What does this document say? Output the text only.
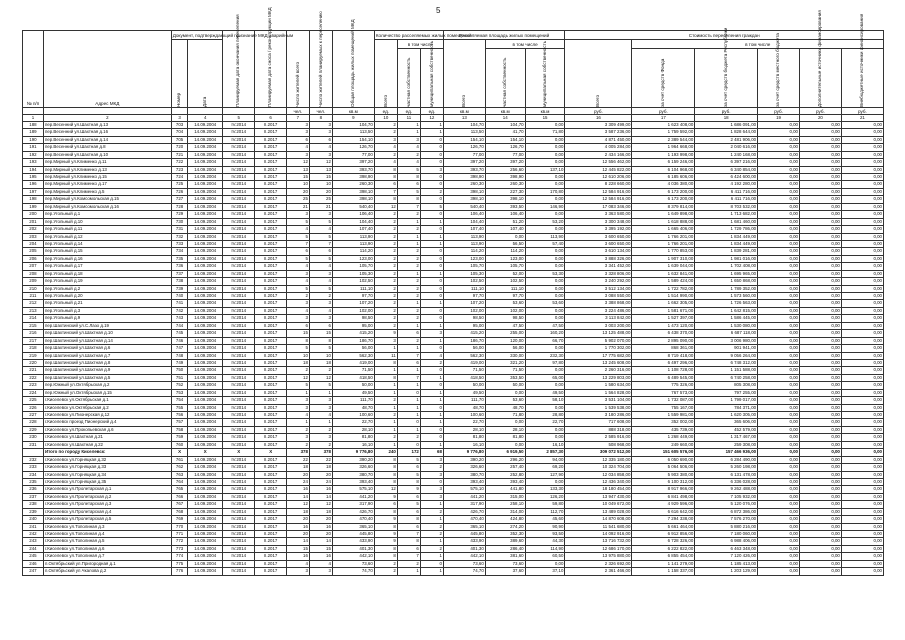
5
№ п/п	Адрес МКД	Документ, подтверждающий признание МКД аварийным		Планируемая дата окончания переселения	Планируемая дата сноса / реконструкции МКД	Число жителей всего	Число жителей планируемых к переселению	Общая площадь жилых помещений МКД	Количество расселяемых жилых помещений			Расселяемая площадь жилых помещений			Стоимость переселения граждан					

		Номер	Дата						Всего	в том числе		Всего	в том числе		Всего	в том числе				

										частная собственность	муниципальная собственность		частная собственность	муниципальная собственность		за счет средств Фонда	за счет средств бюджета Республики	за счет средств местного бюджета	Дополнительные источники финансирования	Внебюджетные источники финансирования

						чел.	чел.	кв.м	ед.	ед.	ед.	кв.м	кв.м	кв.м	руб.	руб.	руб.	руб.	руб.	руб.
1	2	3	4	5	6	7	8	9	10	11	12	13	14	15	16	17	18	19	20	21
188	пер.Весенний ул.Шахтная д.13	703	14.09.2004	IV.2014	II.2017	3	3	104,70	2	1	1	104,70	104,70	0,00	3 309 499,00	1 623 408,00	1 686 091,00	0,00	0,00	0,00
189	пер.Весенний ул.Шахтная д.16	704	14.09.2004	IV.2014	II.2017	3	3	113,50	2	1	1	113,50	41,70	71,80	3 587 236,00	1 759 592,00	1 828 644,00	0,00	0,00	0,00
190	пер.Весенний ул.Шахтная д.14	705	14.09.2004	IV.2014	II.2017	6	6	154,10	3	3	0	154,10	154,10	0,00	4 871 450,00	2 389 544,00	2 481 906,00	0,00	0,00	0,00
191	пер.Весенний ул.Шахтная д.8	720	14.09.2004	IV.2014	II.2017	4	4	126,70	4	4	0	126,70	126,70	0,00	4 005 284,00	1 964 668,00	2 040 616,00	0,00	0,00	0,00
192	пер.Весенний ул.Шахтная д.10	721	14.09.2004	IV.2014	II.2017	3	3	77,00	2	2	0	77,00	77,00	0,00	2 434 166,00	1 193 998,00	1 240 168,00	0,00	0,00	0,00
193	пер.Мирный ул.Клименко д.11	722	14.09.2004	IV.2014	II.2017	12	12	397,20	4	4	0	397,20	397,20	0,00	12 556 462,00	6 159 246,00	6 397 216,00	0,00	0,00	0,00
194	пер.Мирный ул.Клименко д.13	723	14.09.2004	IV.2014	II.2017	13	13	393,70	8	5	3	393,70	256,60	137,10	12 445 822,00	6 104 968,00	6 340 854,00	0,00	0,00	0,00
195	пер.Мирный ул.Клименко д.15	724	14.09.2004	IV.2014	II.2017	15	15	398,90	8	8	0	398,90	398,90	0,00	12 610 206,00	6 185 606,00	6 424 600,00	0,00	0,00	0,00
196	пер.Мирный ул.Клименко д.17	725	14.09.2004	IV.2014	II.2017	10	10	260,30	6	6	0	260,30	260,30	0,00	8 228 660,00	4 036 380,00	4 192 280,00	0,00	0,00	0,00
197	пер.Мирный ул.Клименко д.5	726	14.09.2004	IV.2014	II.2017	20	20	398,10	7	5	2	398,10	227,30	170,80	12 584 916,00	6 173 200,00	6 411 716,00	0,00	0,00	0,00
198	пер.Мирный ул.Комсомольская д.15	727	14.09.2004	IV.2014	II.2017	25	25	398,10	8	8	0	398,10	398,10	0,00	12 584 916,00	6 173 200,00	6 411 716,00	0,00	0,00	0,00
199	пер.Мирный ул.Комсомольская д.16	728	14.09.2004	IV.2014	II.2017	21	21	540,40	12	7	5	540,40	393,50	146,90	17 083 346,00	8 379 814,00	8 703 532,00	0,00	0,00	0,00
200	пер.Угольный д.1	729	14.09.2004	IV.2014	II.2017	3	3	106,40	2	2	0	106,40	106,40	0,00	3 363 580,00	1 649 898,00	1 713 682,00	0,00	0,00	0,00
201	пер.Угольный д.10	730	14.09.2004	IV.2014	II.2017	5	5	104,40	2	1	1	104,40	51,20	53,20	3 300 348,00	1 618 888,00	1 681 460,00	0,00	0,00	0,00
202	пер.Угольный д.11	731	14.09.2004	IV.2014	II.2017	4	4	107,40	2	2	0	107,40	107,40	0,00	3 395 192,00	1 665 406,00	1 729 786,00	0,00	0,00	0,00
203	пер.Угольный д.12	732	14.09.2004	IV.2014	II.2017	5	5	113,90	2	1	1	113,90	0,00	113,90	3 600 650,00	1 766 201,00	1 834 449,00	0,00	0,00	0,00
204	пер.Угольный д.14	733	14.09.2004	IV.2014	II.2017	7	7	113,90	2	1	1	113,90	56,50	57,40	3 600 650,00	1 766 201,00	1 834 449,00	0,00	0,00	0,00
205	пер.Угольный д.15	734	14.09.2004	IV.2014	II.2017	6	6	114,20	2	2	0	114,20	114,20	0,00	3 610 134,00	1 770 853,00	1 839 281,00	0,00	0,00	0,00
206	пер.Угольный д.16	735	14.09.2004	IV.2014	II.2017	5	5	123,00	2	2	0	123,00	123,00	0,00	3 888 326,00	1 907 310,00	1 981 016,00	0,00	0,00	0,00
207	пер.Угольный д.17	736	14.09.2004	IV.2014	II.2017	4	4	105,70	2	2	0	105,70	105,70	0,00	3 341 452,00	1 639 044,00	1 702 408,00	0,00	0,00	0,00
208	пер.Угольный д.18	737	14.09.2004	IV.2014	II.2017	3	3	105,30	2	1	1	105,30	52,00	53,30	3 328 806,00	1 632 841,00	1 695 965,00	0,00	0,00	0,00
209	пер.Угольный д.19	738	14.09.2004	IV.2014	II.2017	4	4	102,50	2	2	0	102,50	102,50	0,00	3 240 292,00	1 589 424,00	1 650 868,00	0,00	0,00	0,00
210	пер.Угольный д.2	739	14.09.2004	IV.2014	II.2017	5	5	111,10	2	2	0	111,10	111,10	0,00	3 512 134,00	1 722 782,00	1 789 352,00	0,00	0,00	0,00
211	пер.Угольный д.20	740	14.09.2004	IV.2014	II.2017	2	2	97,70	2	2	0	97,70	97,70	0,00	3 088 550,00	1 514 990,00	1 573 560,00	0,00	0,00	0,00
212	пер.Угольный д.21	741	14.09.2004	IV.2014	II.2017	3	3	107,20	2	1	1	107,20	53,60	53,60	3 388 868,00	1 662 305,00	1 726 563,00	0,00	0,00	0,00
213	пер.Угольный д.3	742	14.09.2004	IV.2014	II.2017	4	4	102,00	2	2	0	102,00	102,00	0,00	3 224 486,00	1 581 671,00	1 642 815,00	0,00	0,00	0,00
214	пер.Угольный д.9	743	14.09.2004	IV.2014	II.2017	3	3	98,50	2	2	0	98,50	98,50	0,00	3 113 842,00	1 527 397,00	1 586 445,00	0,00	0,00	0,00
215	пер.Шахтинский ул.С.Лазо д.19	744	14.09.2004	IV.2014	II.2017	6	6	95,00	2	1	1	95,00	47,50	47,50	3 003 200,00	1 473 120,00	1 530 080,00	0,00	0,00	0,00
216	пер.Шахтинский ул.Шахтная д.10	745	14.09.2004	IV.2014	II.2017	15	15	415,20	9	6	3	415,20	255,00	160,20	13 125 488,00	6 438 370,00	6 687 118,00	0,00	0,00	0,00
217	пер.Шахтинский ул.Шахтная д.14	746	14.09.2004	IV.2014	II.2017	8	8	186,70	3	2	1	186,70	120,00	66,70	5 902 070,00	2 895 090,00	3 006 980,00	0,00	0,00	0,00
218	пер.Шахтинский ул.Шахтная д.6	747	14.09.2004	IV.2014	II.2017	5	5	56,00	1	1	0	56,00	56,00	0,00	1 770 302,00	868 361,00	901 941,00	0,00	0,00	0,00
219	пер.Шахтинский ул.Шахтная д.7	748	14.09.2004	IV.2014	II.2017	10	10	562,30	11	7	4	562,30	330,00	232,30	17 775 682,00	8 719 418,00	9 056 264,00	0,00	0,00	0,00
220	пер.Шахтинский ул.Шахтная д.8	749	14.09.2004	IV.2014	II.2017	18	18	419,00	8	6	2	419,00	321,20	97,80	13 245 608,00	6 497 296,00	6 748 312,00	0,00	0,00	0,00
221	пер.Шахтинский ул.Шахтная д.9	750	14.09.2004	IV.2014	II.2017	2	2	71,50	1	1	0	71,50	71,50	0,00	2 260 316,00	1 108 728,00	1 151 588,00	0,00	0,00	0,00
222	пер.Шахтинский ул.Шахтная д.5	751	14.09.2004	IV.2014	II.2017	12	12	418,50	8	7	1	418,50	353,50	65,00	13 229 803,00	6 489 545,00	6 740 258,00	0,00	0,00	0,00
223	пер.Южный ул.Октябрьская д.2	752	14.09.2004	IV.2014	II.2017	5	5	50,00	1	1	0	50,00	50,00	0,00	1 580 634,00	775 326,00	805 308,00	0,00	0,00	0,00
224	пер.Южный ул.Октябрьская д.15	753	14.09.2004	IV.2014	II.2017	1	1	49,50	1	0	1	49,50	0,00	49,50	1 564 828,00	767 573,00	797 255,00	0,00	0,00	0,00
225	г.Киселевск ул.Октябрьская д.1	754	14.09.2004	IV.2014	II.2017	3	3	111,70	2	1	1	111,70	53,60	58,10	3 531 104,00	1 732 087,00	1 799 017,00	0,00	0,00	0,00
226	г.Киселевск ул.Октябрьская д.2	755	14.09.2004	IV.2014	II.2017	3	3	48,70	1	1	0	48,70	48,70	0,00	1 539 538,00	755 167,00	784 371,00	0,00	0,00	0,00
227	г.Киселевск ул.Пионерская д.12	756	14.09.2004	IV.2014	II.2017	4	4	100,60	2	1	1	100,60	71,80	28,80	3 180 286,00	1 559 981,00	1 620 305,00	0,00	0,00	0,00
228	г.Киселевск проезд Пионерский д.4	757	14.09.2004	IV.2014	II.2017	1	1	22,70	1	0	1	22,70	0,00	22,70	717 608,00	352 002,00	365 606,00	0,00	0,00	0,00
229	г.Киселевск ул.Прокопьевская д.6	758	14.09.2004	IV.2014	II.2017	2	2	28,10	1	1	0	28,10	28,10	0,00	888 318,00	435 739,00	452 579,00	0,00	0,00	0,00
230	г.Киселевск ул.Шахтная д.21	759	14.09.2004	IV.2014	II.2017	3	3	81,80	2	2	0	81,80	81,80	0,00	2 585 916,00	1 268 449,00	1 317 467,00	0,00	0,00	0,00
231	г.Киселевск ул.Шахтная д.22	760	14.09.2004	IV.2014	II.2017	2	2	16,10	1	0	1	16,10	0,00	16,10	508 968,00	249 660,00	259 308,00	0,00	0,00	0,00
	Итого по городу Киселевск:	Х	Х	Х	Х	378	378	9 776,80	240	172	68	9 776,80	6 919,50	2 857,30	309 072 512,00	151 605 576,00	157 466 936,00	0,00	0,00	0,00
232	г.Киселевск ул.Горняцкая д.32	761	14.09.2004	IV.2014	II.2017	22	22	390,20	8	5	3	390,20	296,20	94,00	12 335 180,00	6 050 690,00	6 284 490,00	0,00	0,00	0,00
233	г.Киселевск ул.Горняцкая д.33	762	14.09.2004	IV.2014	II.2017	18	18	326,60	8	6	2	326,60	257,40	69,20	10 324 704,00	5 064 506,00	5 260 198,00	0,00	0,00	0,00
234	г.Киселевск ул.Горняцкая д.34	763	14.09.2004	IV.2014	II.2017	20	20	380,70	8	5	3	380,70	252,80	127,90	12 034 858,00	5 903 380,00	6 131 478,00	0,00	0,00	0,00
235	г.Киселевск ул.Горняцкая д.35	764	14.09.2004	IV.2014	II.2017	24	24	393,40	8	8	0	393,40	393,40	0,00	12 436 340,00	6 100 312,00	6 336 028,00	0,00	0,00	0,00
236	г.Киселевск ул.Пролетарская д.1	765	14.09.2004	IV.2014	II.2017	16	16	575,10	12	9	3	575,10	441,80	133,30	18 180 454,00	8 917 966,00	9 262 488,00	0,00	0,00	0,00
237	г.Киселевск ул.Пролетарская д.2	766	14.09.2004	IV.2014	II.2017	14	14	441,20	9	6	3	441,20	315,00	126,20	13 947 430,00	6 841 498,00	7 105 932,00	0,00	0,00	0,00
238	г.Киселевск ул.Пролетарская д.3	767	14.09.2004	IV.2014	II.2017	12	12	317,90	6	5	1	317,90	258,10	59,80	10 049 672,00	4 929 596,00	5 120 076,00	0,00	0,00	0,00
239	г.Киселевск ул.Пролетарская д.4	768	14.09.2004	IV.2014	II.2017	18	18	426,70	8	6	2	426,70	314,00	112,70	13 489 028,00	6 616 642,00	6 872 386,00	0,00	0,00	0,00
240	г.Киселевск ул.Пролетарская д.5	769	14.09.2004	IV.2014	II.2017	20	20	470,40	9	8	1	470,40	424,80	45,60	14 870 608,00	7 294 338,00	7 576 270,00	0,00	0,00	0,00
241	г.Киселевск ул.Тополиная д.3	770	14.09.2004	IV.2014	II.2017	16	16	365,10	8	6	2	365,10	274,20	90,90	11 541 680,00	5 661 464,00	5 880 216,00	0,00	0,00	0,00
242	г.Киселевск ул.Тополиная д.4	771	14.09.2004	IV.2014	II.2017	20	20	445,80	9	7	2	445,80	352,30	93,50	14 092 916,00	6 912 856,00	7 180 060,00	0,00	0,00	0,00
243	г.Киселевск ул.Тополиная д.5	772	14.09.2004	IV.2014	II.2017	14	14	433,90	9	8	1	433,90	389,60	44,30	13 716 732,00	6 728 326,00	6 988 406,00	0,00	0,00	0,00
244	г.Киселевск ул.Тополиная д.6	773	14.09.2004	IV.2014	II.2017	15	15	401,30	8	6	2	401,30	286,40	114,90	12 686 170,00	6 222 822,00	6 463 348,00	0,00	0,00	0,00
245	г.Киселевск ул.Тополиная д.7	774	14.09.2004	IV.2014	II.2017	16	16	442,10	8	7	1	442,10	381,60	60,50	13 975 880,00	6 855 454,00	7 120 426,00	0,00	0,00	0,00
246	п.Октябрьский ул.Пригородная д.1	775	14.09.2004	IV.2014	II.2017	4	4	73,60	2	2	0	73,60	73,60	0,00	2 326 692,00	1 141 279,00	1 185 413,00	0,00	0,00	0,00
247	п.Октябрьский ул.Чкалова д.2	776	14.09.2004	IV.2014	II.2017	3	3	74,70	2	1	1	74,70	37,60	37,10	2 361 466,00	1 158 337,00	1 203 129,00	0,00	0,00	0,00
